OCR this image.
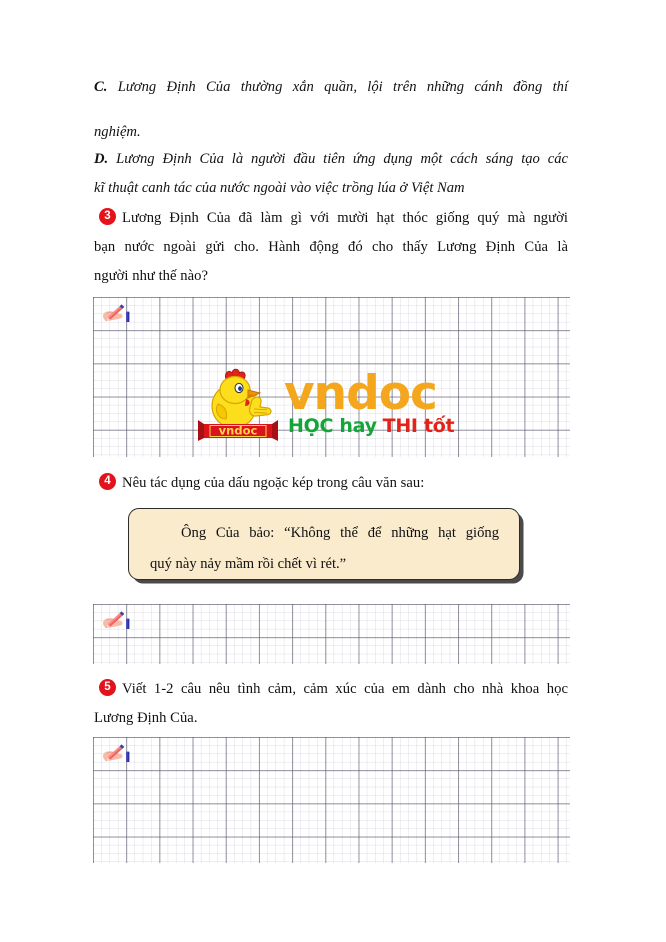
C. Lương Định Của thường xắn quần, lội trên những cánh đồng thí
nghiệm.
D. Lương Định Của là người đầu tiên ứng dụng một cách sáng tạo các
kĩ thuật canh tác của nước ngoài vào việc trồng lúa ở Việt Nam
3 Lương Định Của đã làm gì với mười hạt thóc giống quý mà người
bạn nước ngoài gửi cho. Hành động đó cho thấy Lương Định Của là
người như thế nào?
vndoc
vndoc
HỌC hay THI tốt
4 Nêu tác dụng của dấu ngoặc kép trong câu văn sau:
Ông Của bảo: “Không thể để những hạt giống
quý này nảy mầm rồi chết vì rét.”
5 Viết 1-2 câu nêu tình cảm, cảm xúc của em dành cho nhà khoa học
Lương Định Của.
